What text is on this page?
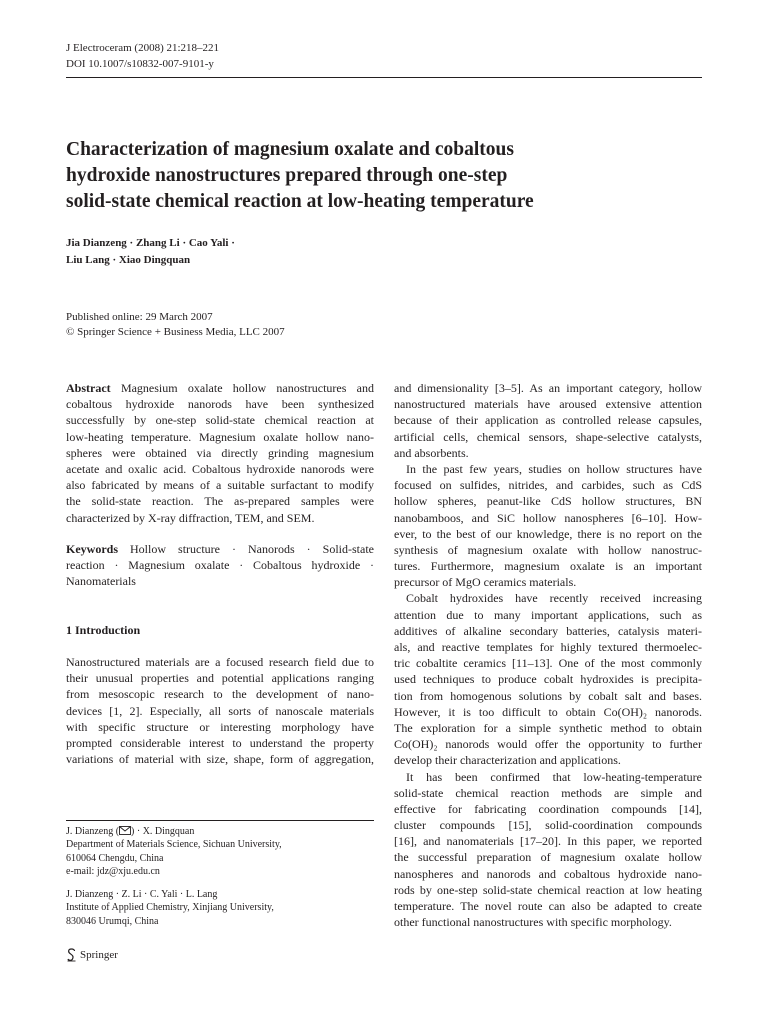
J Electroceram (2008) 21:218–221
DOI 10.1007/s10832-007-9101-y
Characterization of magnesium oxalate and cobaltous
hydroxide nanostructures prepared through one-step
solid-state chemical reaction at low-heating temperature
Jia Dianzeng · Zhang Li · Cao Yali ·
Liu Lang · Xiao Dingquan
Published online: 29 March 2007
© Springer Science + Business Media, LLC 2007
Abstract Magnesium oxalate hollow nanostructures and
cobaltous hydroxide nanorods have been synthesized
successfully by one-step solid-state chemical reaction at
low-heating temperature. Magnesium oxalate hollow nano-
spheres were obtained via directly grinding magnesium
acetate and oxalic acid. Cobaltous hydroxide nanorods were
also fabricated by means of a suitable surfactant to modify
the solid-state reaction. The as-prepared samples were
characterized by X-ray diffraction, TEM, and SEM.
Keywords Hollow structure · Nanorods · Solid-state
reaction · Magnesium oxalate · Cobaltous hydroxide ·
Nanomaterials
1 Introduction
Nanostructured materials are a focused research field due to
their unusual properties and potential applications ranging
from mesoscopic research to the development of nano-
devices [1, 2]. Especially, all sorts of nanoscale materials
with specific structure or interesting morphology have
prompted considerable interest to understand the property
variations of material with size, shape, form of aggregation,
J. Dianzeng ( ) · X. Dingquan
Department of Materials Science, Sichuan University,
610064 Chengdu, China
e-mail: jdz@xju.edu.cn
J. Dianzeng · Z. Li · C. Yali · L. Lang
Institute of Applied Chemistry, Xinjiang University,
830046 Urumqi, China
Springer
and dimensionality [3–5]. As an important category, hollow
nanostructured materials have aroused extensive attention
because of their application as controlled release capsules,
artificial cells, chemical sensors, shape-selective catalysts,
and absorbents.
In the past few years, studies on hollow structures have
focused on sulfides, nitrides, and carbides, such as CdS
hollow spheres, peanut-like CdS hollow structures, BN
nanobamboos, and SiC hollow nanospheres [6–10]. How-
ever, to the best of our knowledge, there is no report on the
synthesis of magnesium oxalate with hollow nanostruc-
tures. Furthermore, magnesium oxalate is an important
precursor of MgO ceramics materials.
Cobalt hydroxides have recently received increasing
attention due to many important applications, such as
additives of alkaline secondary batteries, catalysis materi-
als, and reactive templates for highly textured thermoelec-
tric cobaltite ceramics [11–13]. One of the most commonly
used techniques to produce cobalt hydroxides is precipita-
tion from homogenous solutions by cobalt salt and bases.
However, it is too difficult to obtain Co(OH)₂ nanorods.
The exploration for a simple synthetic method to obtain
Co(OH)₂ nanorods would offer the opportunity to further
develop their characterization and applications.
It has been confirmed that low-heating-temperature
solid-state chemical reaction methods are simple and
effective for fabricating coordination compounds [14],
cluster compounds [15], solid-coordination compounds
[16], and nanomaterials [17–20]. In this paper, we reported
the successful preparation of magnesium oxalate hollow
nanospheres and nanorods and cobaltous hydroxide nano-
rods by one-step solid-state chemical reaction at low heating
temperature. The novel route can also be adapted to create
other functional nanostructures with specific morphology.
